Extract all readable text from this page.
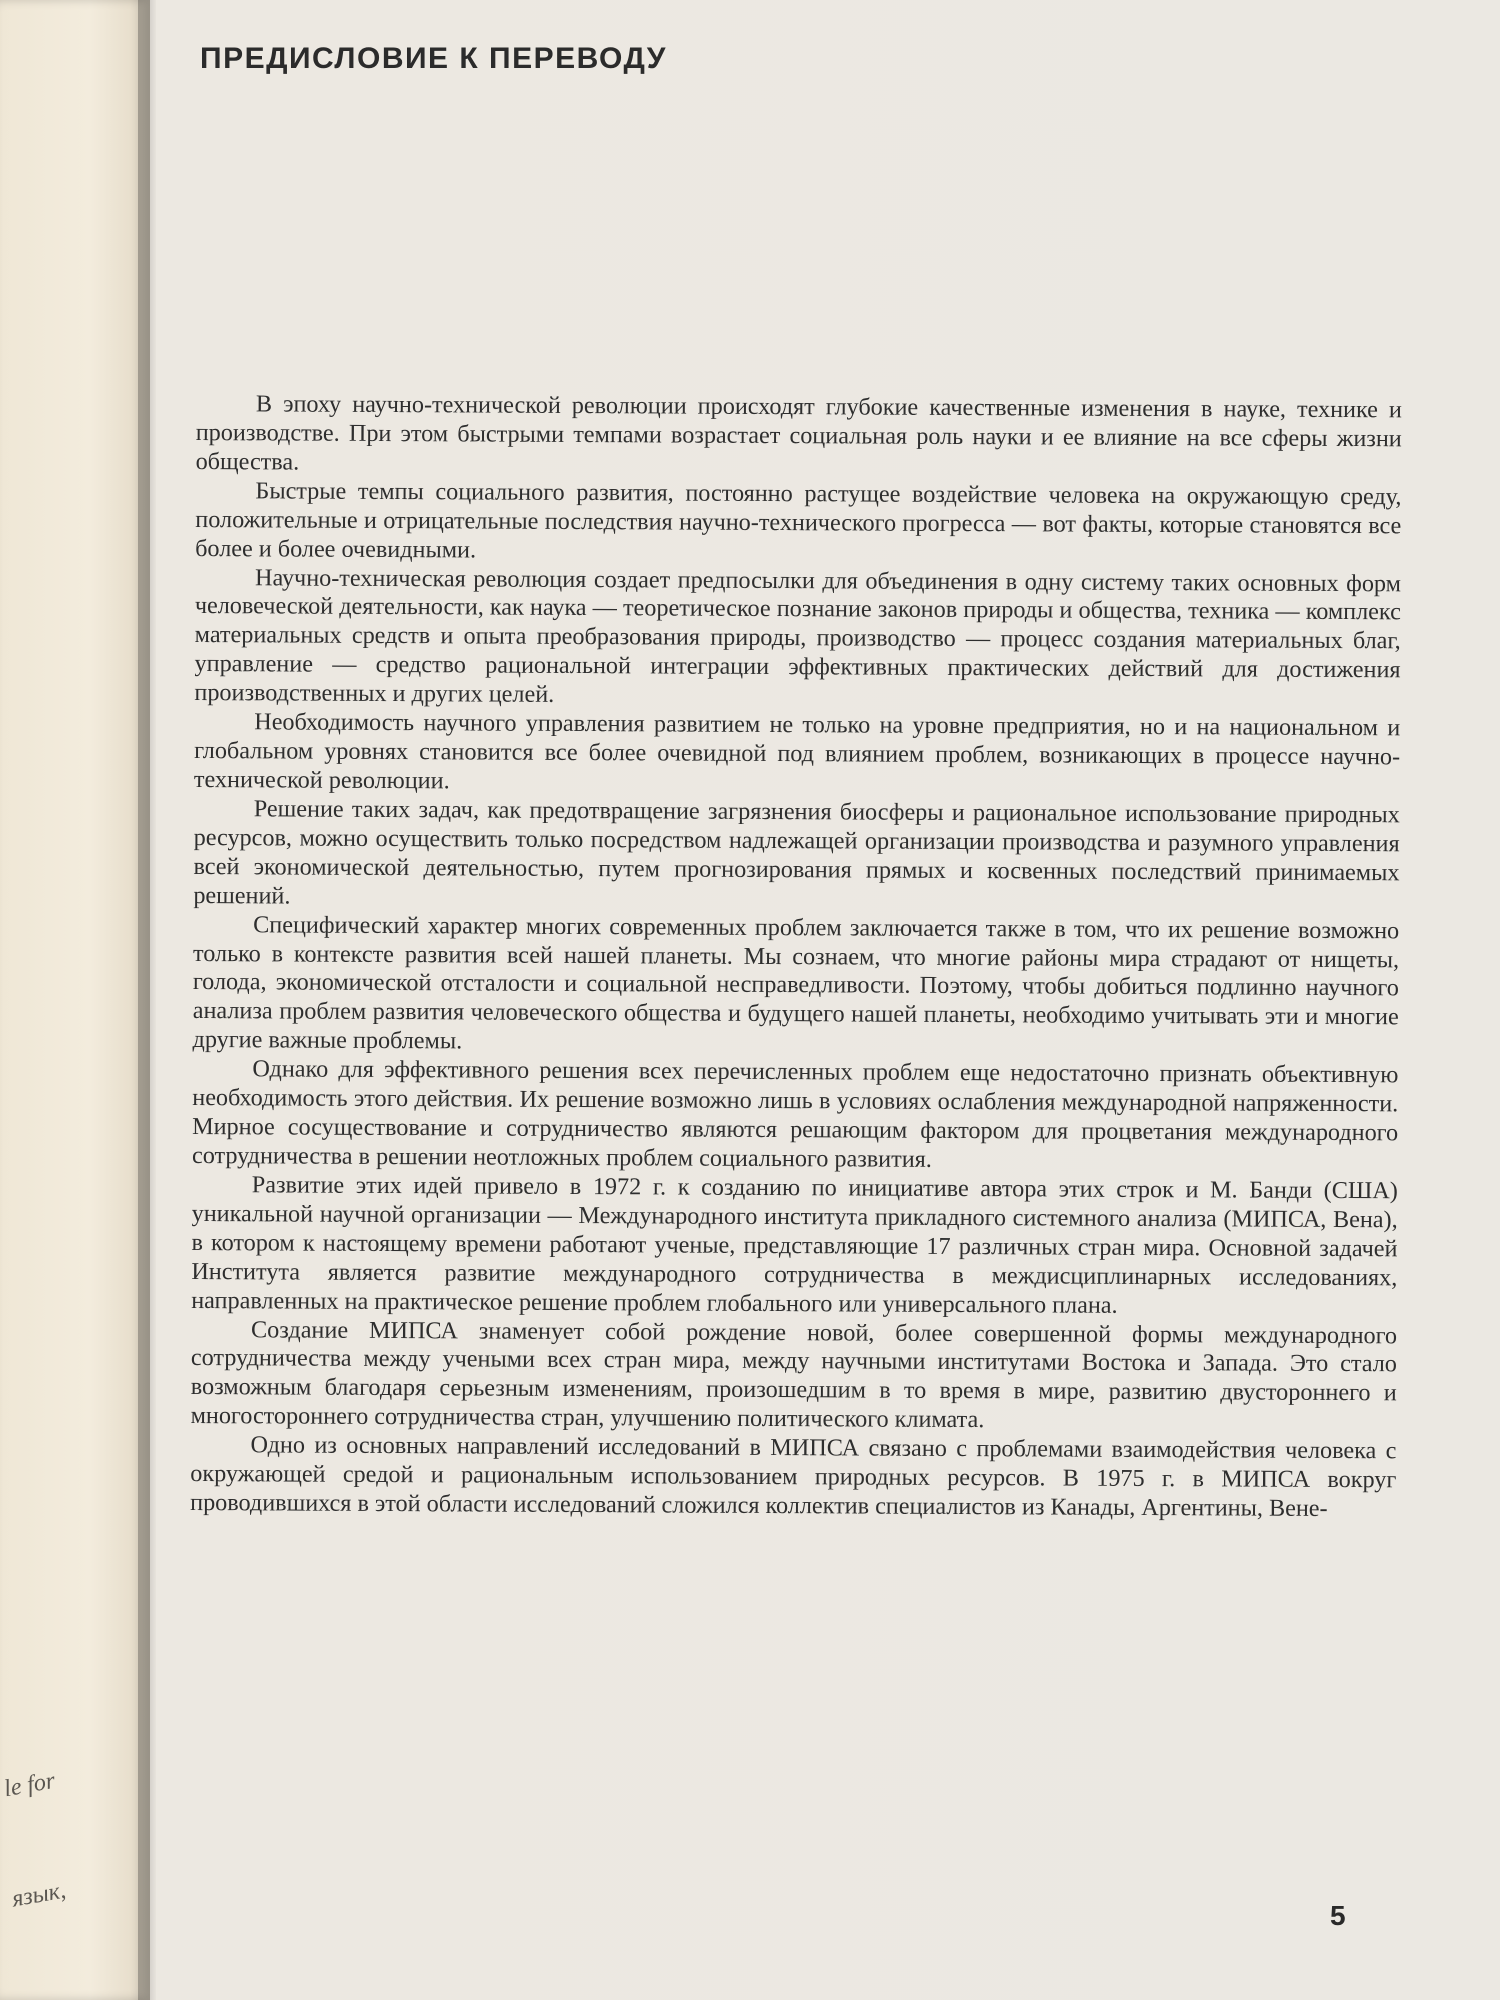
le for
язык,
ПРЕДИСЛОВИЕ К ПЕРЕВОДУ

В эпоху научно-технической революции происходят глубокие качественные изменения в науке, технике и производстве. При этом быстрыми темпами возрастает социальная роль науки и ее влияние на все сферы жизни общества.

Быстрые темпы социального развития, постоянно растущее воздействие человека на окружающую среду, положительные и отрицательные последствия научно-технического прогресса — вот факты, которые становятся все более и более очевидными.

Научно-техническая революция создает предпосылки для объединения в одну систему таких основных форм человеческой деятельности, как наука — теоретическое познание законов природы и общества, техника — комплекс материальных средств и опыта преобразования природы, производство — процесс создания материальных благ, управление — средство рациональной интеграции эффективных практических действий для достижения производственных и других целей.

Необходимость научного управления развитием не только на уровне предприятия, но и на национальном и глобальном уровнях становится все более очевидной под влиянием проблем, возникающих в процессе научно-технической революции.

Решение таких задач, как предотвращение загрязнения биосферы и рациональное использование природных ресурсов, можно осуществить только посредством надлежащей организации производства и разумного управления всей экономической деятельностью, путем прогнозирования прямых и косвенных последствий принимаемых решений.

Специфический характер многих современных проблем заключается также в том, что их решение возможно только в контексте развития всей нашей планеты. Мы сознаем, что многие районы мира страдают от нищеты, голода, экономической отсталости и социальной несправедливости. Поэтому, чтобы добиться подлинно научного анализа проблем развития человеческого общества и будущего нашей планеты, необходимо учитывать эти и многие другие важные проблемы.

Однако для эффективного решения всех перечисленных проблем еще недостаточно признать объективную необходимость этого действия. Их решение возможно лишь в условиях ослабления международной напряженности. Мирное сосуществование и сотрудничество являются решающим фактором для процветания международного сотрудничества в решении неотложных проблем социального развития.

Развитие этих идей привело в 1972 г. к созданию по инициативе автора этих строк и М. Банди (США) уникальной научной организации — Международного института прикладного системного анализа (МИПСА, Вена), в котором к настоящему времени работают ученые, представляющие 17 различных стран мира. Основной задачей Института является развитие международного сотрудничества в междисциплинарных исследованиях, направленных на практическое решение проблем глобального или универсального плана.

Создание МИПСА знаменует собой рождение новой, более совершенной формы международного сотрудничества между учеными всех стран мира, между научными институтами Востока и Запада. Это стало возможным благодаря серьезным изменениям, произошедшим в то время в мире, развитию двустороннего и многостороннего сотрудничества стран, улучшению политического климата.

Одно из основных направлений исследований в МИПСА связано с проблемами взаимодействия человека с окружающей средой и рациональным использованием природных ресурсов. В 1975 г. в МИПСА вокруг проводившихся в этой области исследований сложился коллектив специалистов из Канады, Аргентины, Вене-

5
